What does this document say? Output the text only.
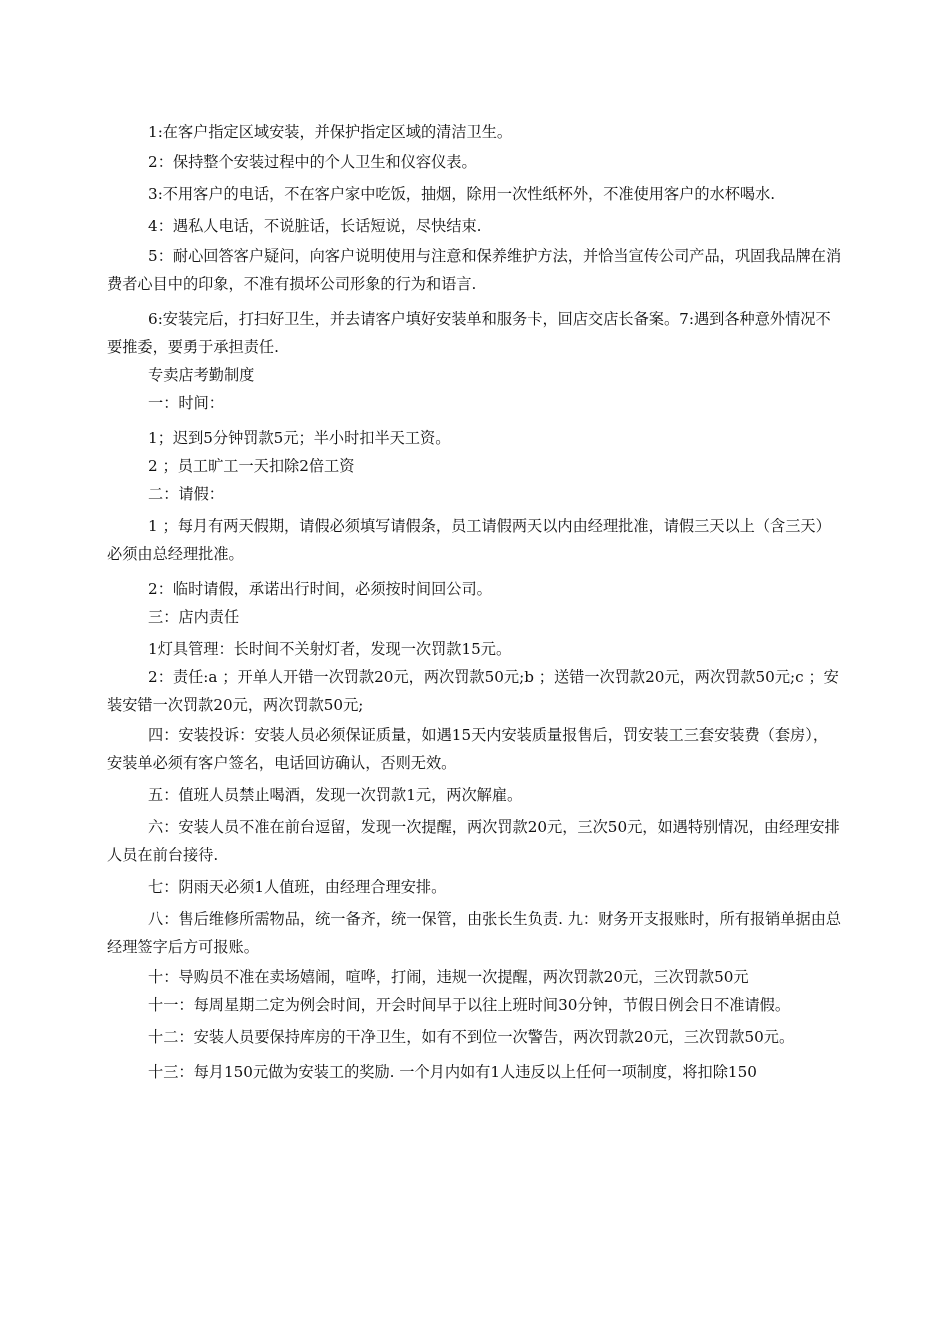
1:在客户指定区域安装，并保护指定区域的清洁卫生。

2：保持整个安装过程中的个人卫生和仪容仪表。

3:不用客户的电话，不在客户家中吃饭，抽烟，除用一次性纸杯外，不准使用客户的水杯喝水.

4：遇私人电话，不说脏话，长话短说，尽快结束.

5：耐心回答客户疑问，向客户说明使用与注意和保养维护方法，并恰当宣传公司产品，巩固我品牌在消费者心目中的印象，不准有损坏公司形象的行为和语言.

6:安装完后，打扫好卫生，并去请客户填好安装单和服务卡，回店交店长备案。7:遇到各种意外情况不要推委，要勇于承担责任.

专卖店考勤制度

一：时间：

1；迟到5分钟罚款5元；半小时扣半天工资。

2 ；员工旷工一天扣除2倍工资

二：请假：

1 ；每月有两天假期，请假必须填写请假条，员工请假两天以内由经理批准，请假三天以上（含三天）必须由总经理批准。

2：临时请假，承诺出行时间，必须按时间回公司。

三：店内责任

1灯具管理：长时间不关射灯者，发现一次罚款15元。

2：责任:a ；开单人开错一次罚款20元，两次罚款50元;b ；送错一次罚款20元，两次罚款50元;c ；安装安错一次罚款20元，两次罚款50元;

四：安装投诉：安装人员必须保证质量，如遇15天内安装质量报售后，罚安装工三套安装费（套房），安装单必须有客户签名，电话回访确认，否则无效。

五：值班人员禁止喝酒，发现一次罚款1元，两次解雇。

六：安装人员不准在前台逗留，发现一次提醒，两次罚款20元，三次50元，如遇特别情况，由经理安排人员在前台接待.

七：阴雨天必须1人值班，由经理合理安排。

八：售后维修所需物品，统一备齐，统一保管，由张长生负责. 九：财务开支报账时，所有报销单据由总经理签字后方可报账。

十：导购员不准在卖场嬉闹，喧哗，打闹，违规一次提醒，两次罚款20元，三次罚款50元

十一：每周星期二定为例会时间，开会时间早于以往上班时间30分钟，节假日例会日不准请假。

十二：安装人员要保持库房的干净卫生，如有不到位一次警告，两次罚款20元，三次罚款50元。

十三：每月150元做为安装工的奖励. 一个月内如有1人违反以上任何一项制度，将扣除150
